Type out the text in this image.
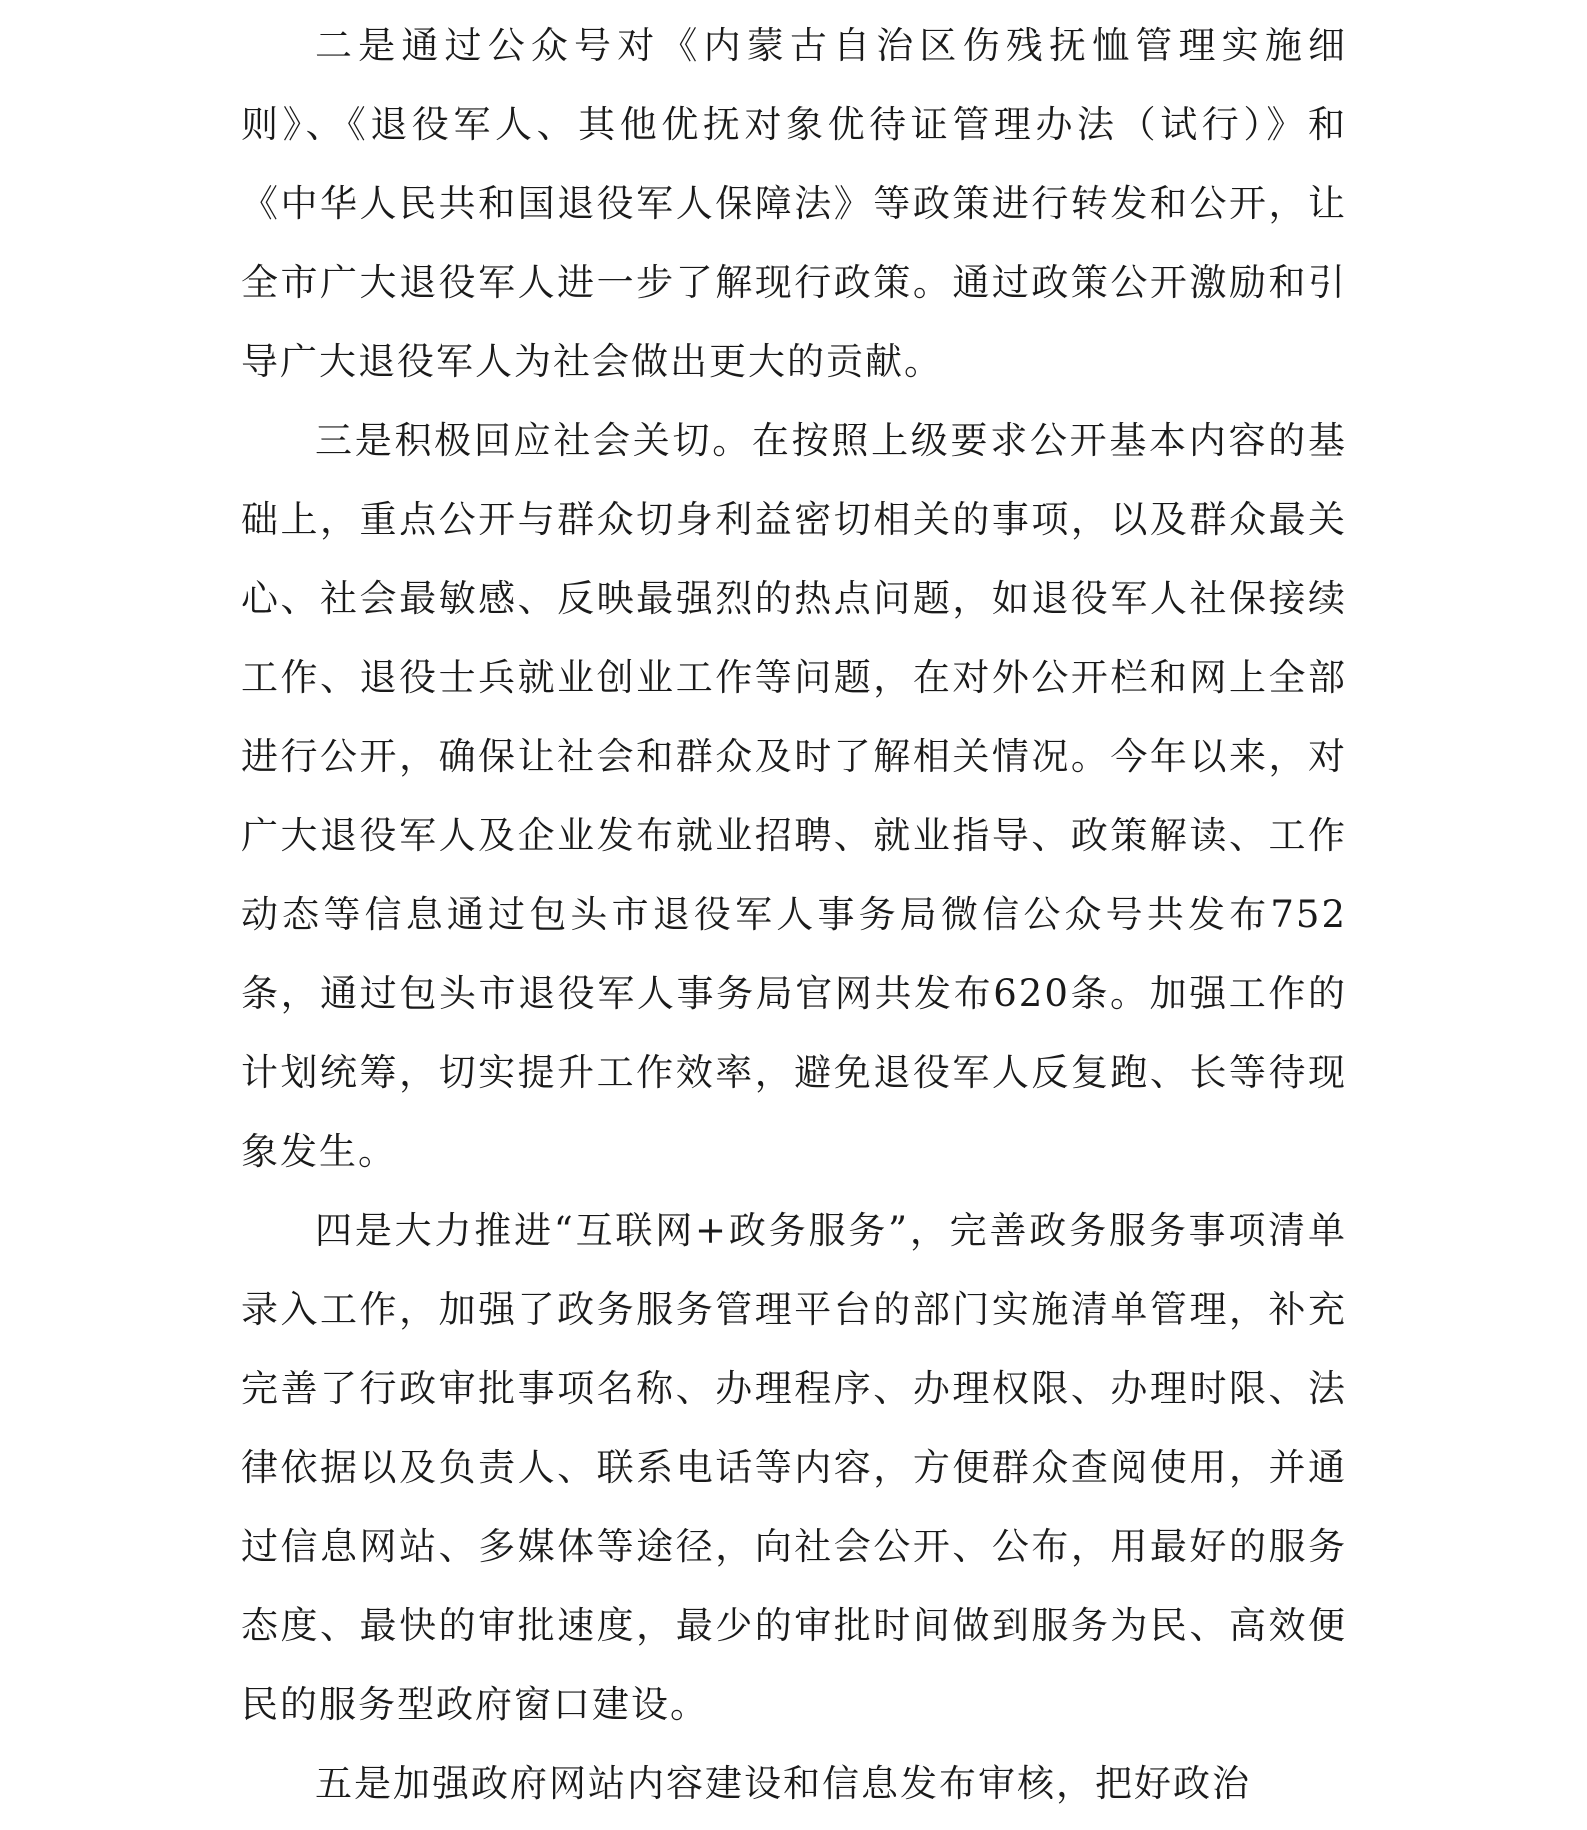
二是通过公众号对《内蒙古自治区伤残抚恤管理实施细则》、《退役军人、其他优抚对象优待证管理办法（试行）》和《中华人民共和国退役军人保障法》等政策进行转发和公开，让全市广大退役军人进一步了解现行政策。通过政策公开激励和引导广大退役军人为社会做出更大的贡献。

三是积极回应社会关切。在按照上级要求公开基本内容的基础上，重点公开与群众切身利益密切相关的事项，以及群众最关心、社会最敏感、反映最强烈的热点问题，如退役军人社保接续工作、退役士兵就业创业工作等问题，在对外公开栏和网上全部进行公开，确保让社会和群众及时了解相关情况。今年以来，对广大退役军人及企业发布就业招聘、就业指导、政策解读、工作动态等信息通过包头市退役军人事务局微信公众号共发布752条，通过包头市退役军人事务局官网共发布620条。加强工作的计划统筹，切实提升工作效率，避免退役军人反复跑、长等待现象发生。

四是大力推进“互联网+政务服务”，完善政务服务事项清单录入工作，加强了政务服务管理平台的部门实施清单管理，补充完善了行政审批事项名称、办理程序、办理权限、办理时限、法律依据以及负责人、联系电话等内容，方便群众查阅使用，并通过信息网站、多媒体等途径，向社会公开、公布，用最好的服务态度、最快的审批速度，最少的审批时间做到服务为民、高效便民的服务型政府窗口建设。

五是加强政府网站内容建设和信息发布审核，把好政治
